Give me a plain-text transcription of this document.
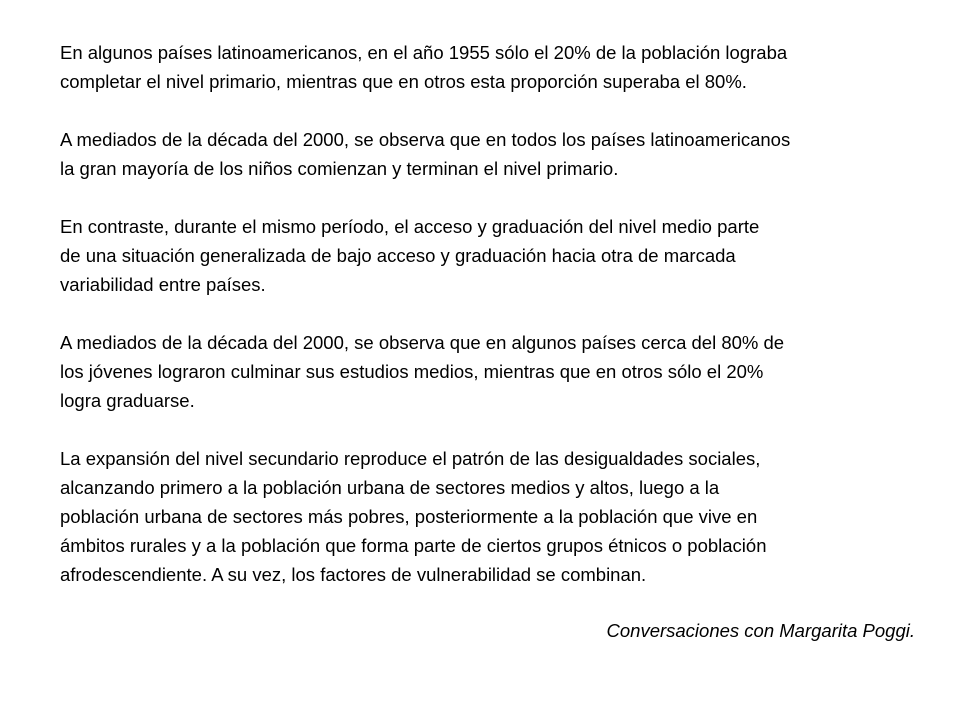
En algunos países latinoamericanos, en el año 1955 sólo el 20% de la población lograba
completar el nivel primario, mientras que en otros esta proporción superaba el 80%.

A mediados de la década del 2000, se observa que en todos los países latinoamericanos
la gran mayoría de los niños comienzan y terminan el nivel primario.

En contraste, durante el mismo período, el acceso y graduación del nivel medio parte
de una situación generalizada de bajo acceso y graduación hacia otra de marcada
variabilidad entre países.

A mediados de la década del 2000, se observa que en algunos países cerca del 80% de
los jóvenes lograron culminar sus estudios medios, mientras que en otros sólo el 20%
logra graduarse.

La expansión del nivel secundario reproduce el patrón de las desigualdades sociales,
alcanzando primero a la población urbana de sectores medios y altos, luego a la
población urbana de sectores más pobres, posteriormente a la población que vive en
ámbitos rurales y a la población que forma parte de ciertos grupos étnicos o población
afrodescendiente. A su vez, los factores de vulnerabilidad se combinan.

Conversaciones con Margarita Poggi.
